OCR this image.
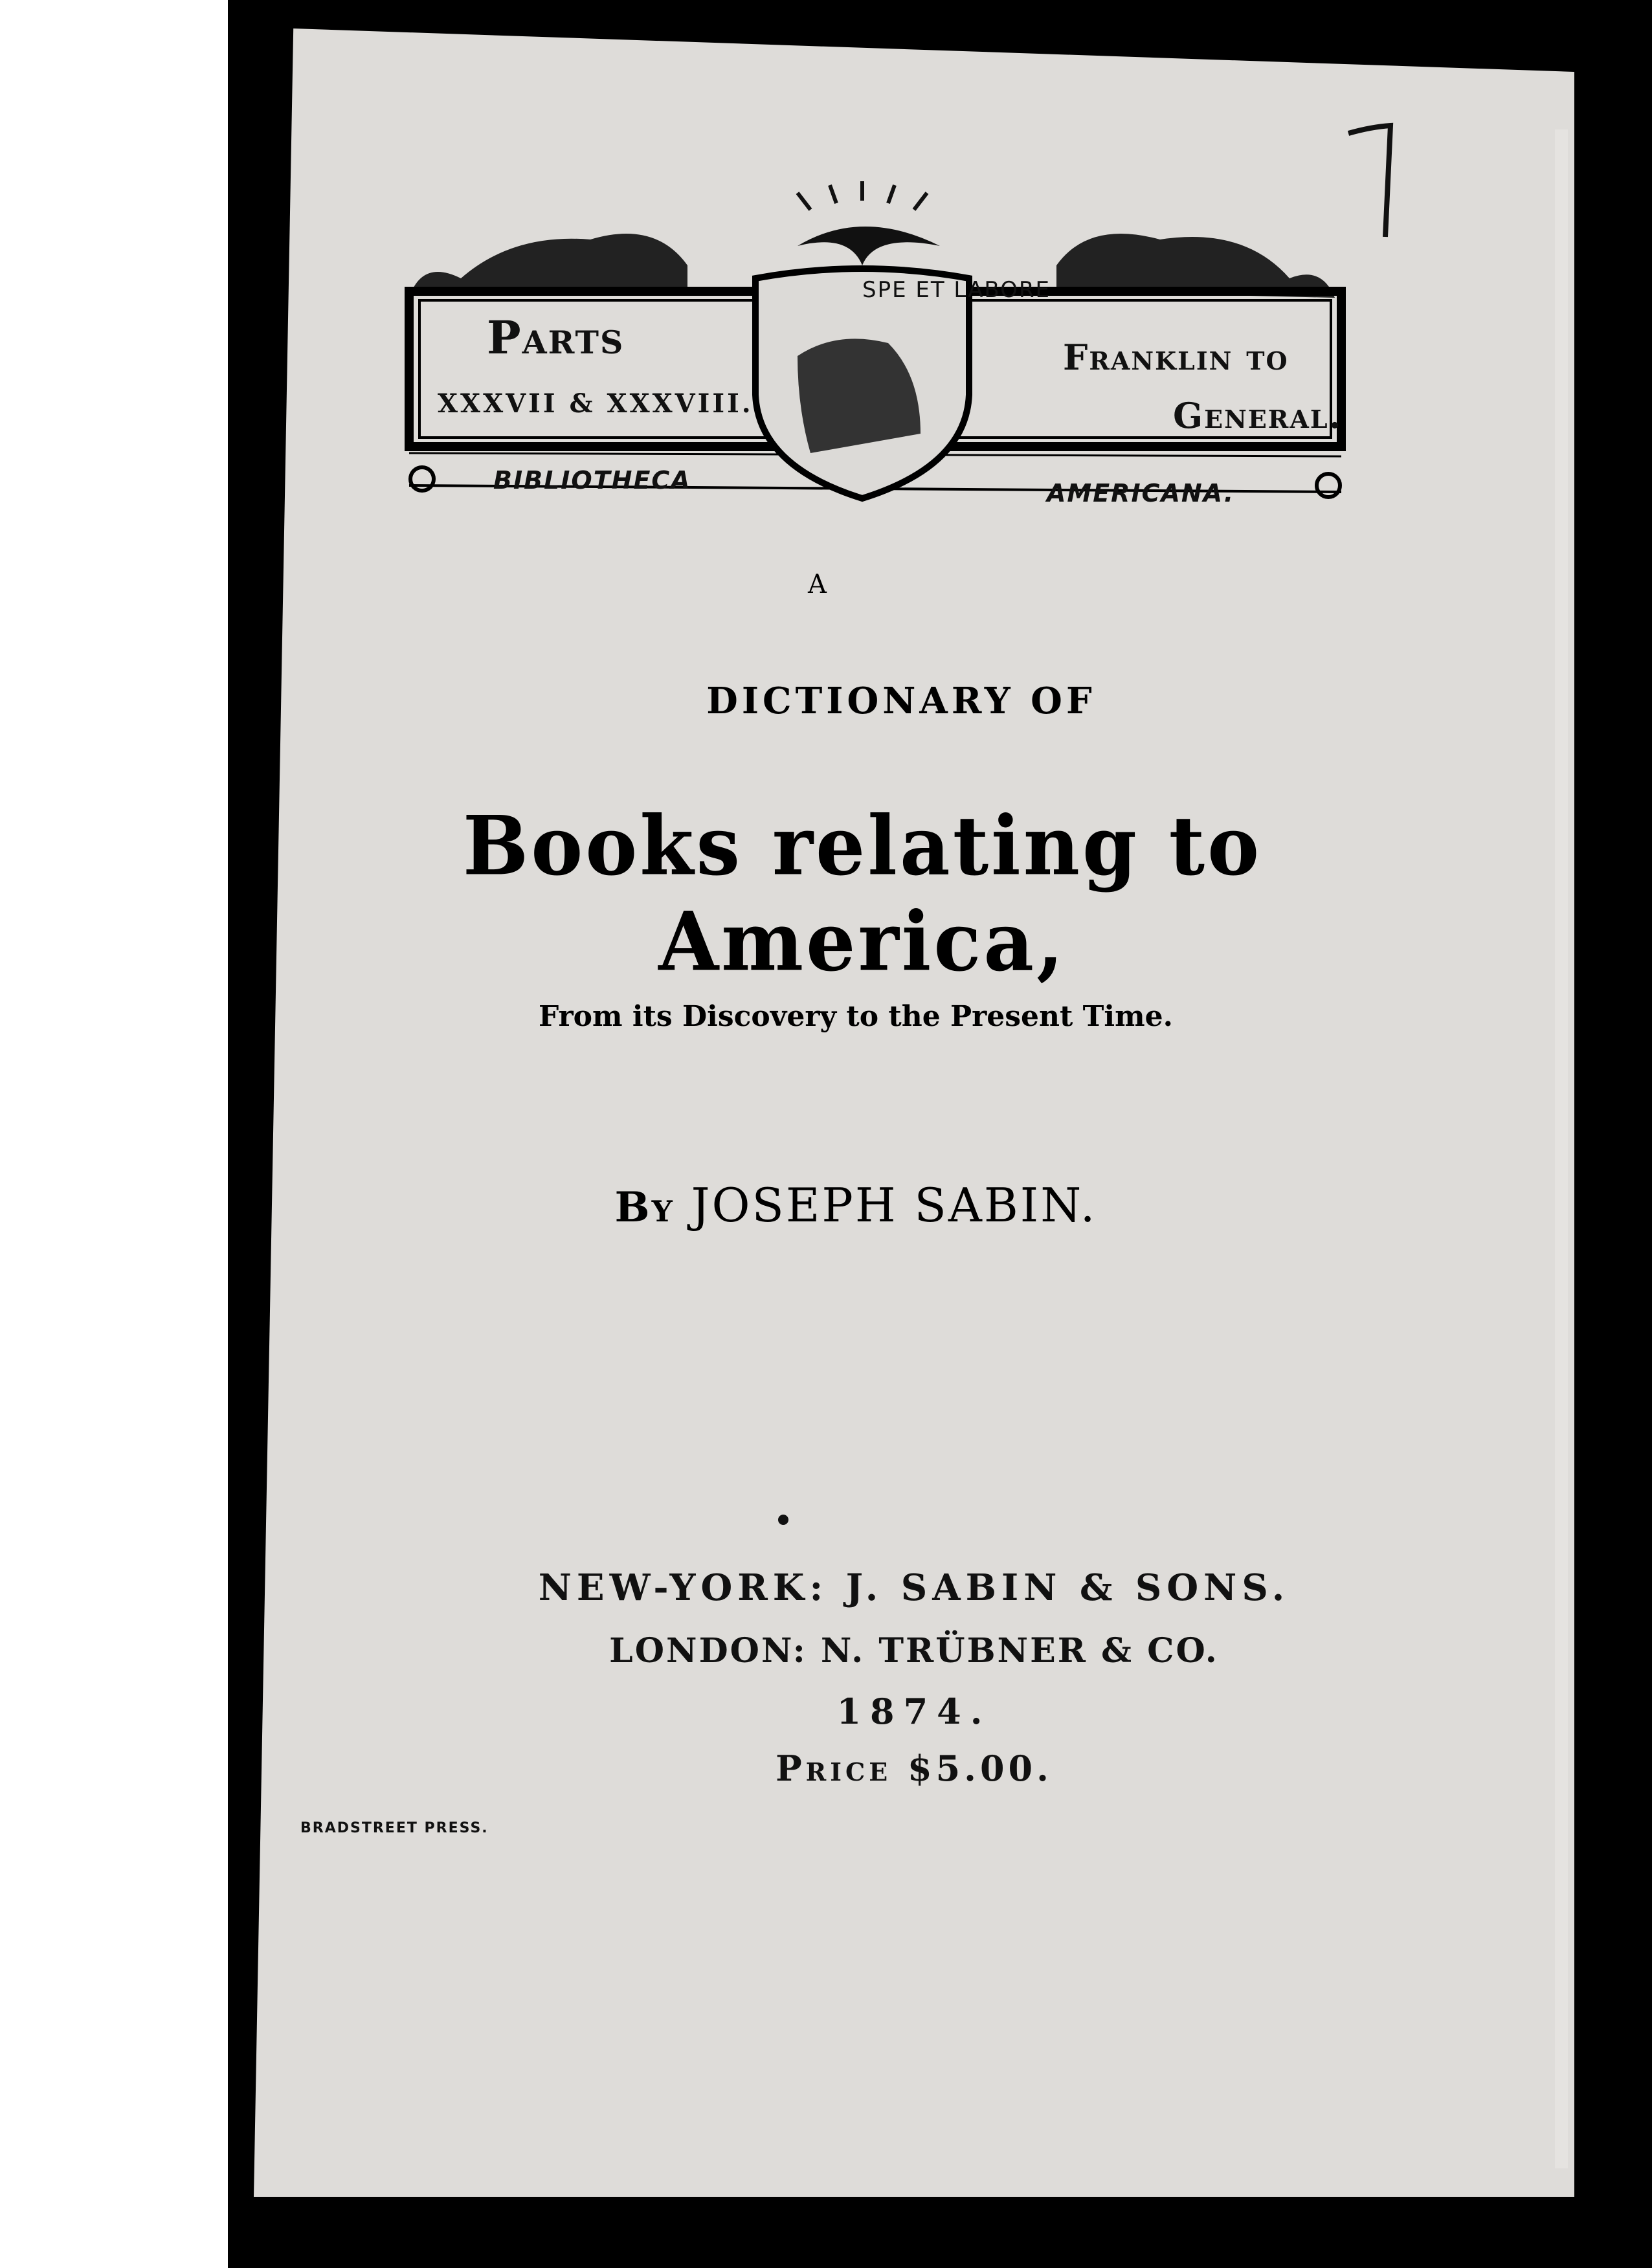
Parts
XXXVII & XXXVIII.
Franklin to
General.
SPE ET LABORE
BIBLIOTHECA	AMERICANA.
A
DICTIONARY OF
Books relating to America,
From its Discovery to the Present Time.
By JOSEPH SABIN.
NEW-YORK: J. SABIN & SONS.
LONDON: N. TRÜBNER & CO.
1874.
Price $5.00.
BRADSTREET PRESS.
